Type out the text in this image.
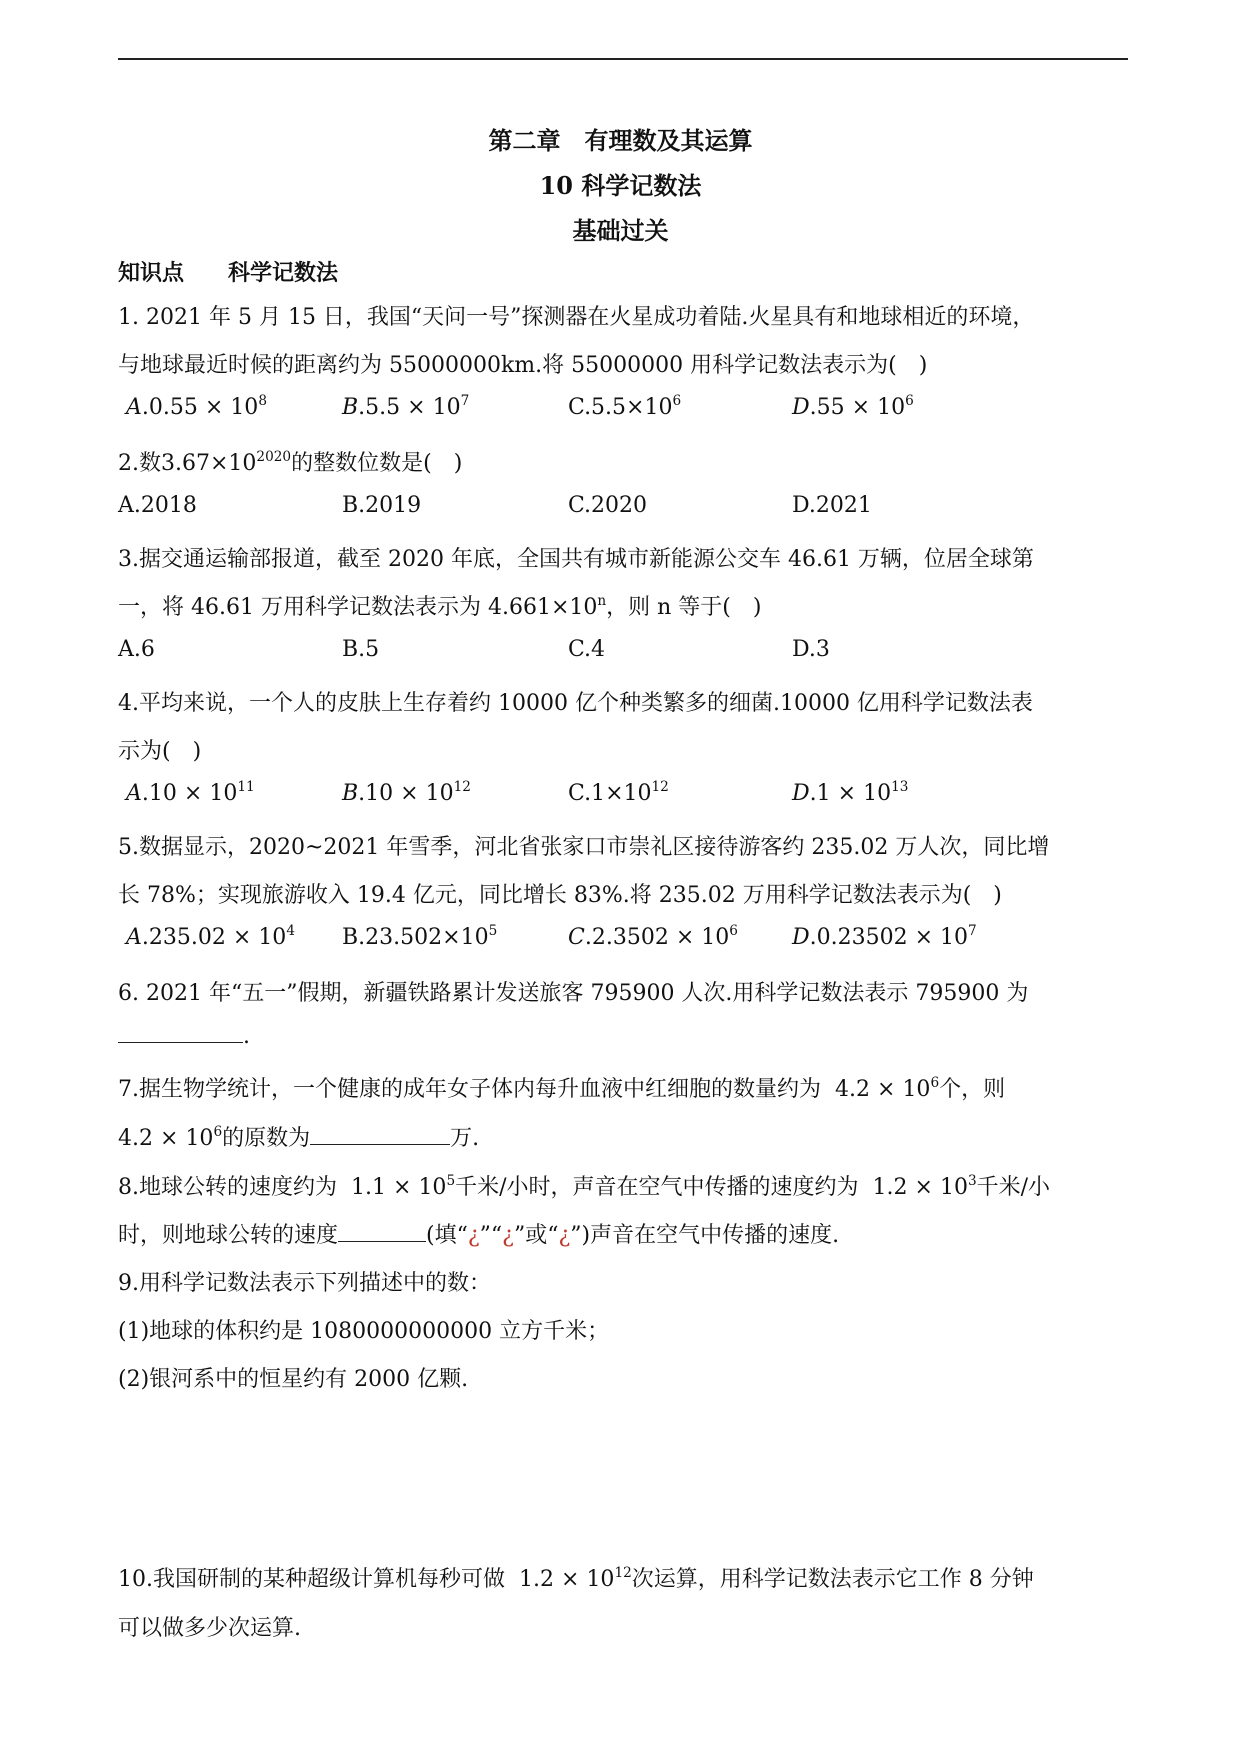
第二章　有理数及其运算
10 科学记数法
基础过关
知识点　　科学记数法
1. 2021 年 5 月 15 日，我国“天问一号”探测器在火星成功着陆.火星具有和地球相近的环境，
与地球最近时候的距离约为 55000000km.将 55000000 用科学记数法表示为(　)
$A.0.55 \times 10^8$	$B.5.5 \times 10^7$	$C.5.5\times 10^6$	$D.55 \times 10^6$
2.数$3.67\times 10^{2020}$的整数位数是(　)
A.2018	B.2019	C.2020	D.2021
3.据交通运输部报道，截至 2020 年底，全国共有城市新能源公交车 46.61 万辆，位居全球第
一，将 46.61 万用科学记数法表示为 $4.661\times 10^n$，则 n 等于(　)
A.6	B.5	C.4	D.3
4.平均来说，一个人的皮肤上生存着约 10000 亿个种类繁多的细菌.10000 亿用科学记数法表
示为(　)
$A.10 \times 10^{11}$	$B.10 \times 10^{12}$	$C.1\times 10^{12}$	$D.1 \times 10^{13}$
5.数据显示，2020~2021 年雪季，河北省张家口市崇礼区接待游客约 235.02 万人次，同比增
长 78%；实现旅游收入 19.4 亿元，同比增长 83%.将 235.02 万用科学记数法表示为(　)
$A.235.02 \times 10^4$ $B.23.502\times 10^5$	$C.2.3502 \times 10^6$ $D.0.23502 \times 10^7$
6. 2021 年“五一”假期，新疆铁路累计发送旅客 795900 人次.用科学记数法表示 795900 为
.
7.据生物学统计，一个健康的成年女子体内每升血液中红细胞的数量约为 $4.2 \times 10^6$个，则
$4.2 \times 10^6$的原数为	万.
8.地球公转的速度约为 $1.1 \times 10^5$千米/小时，声音在空气中传播的速度约为 $1.2 \times 10^3$千米/小
时，则地球公转的速度	(填“¿”“¿”或“¿”)声音在空气中传播的速度.
9.用科学记数法表示下列描述中的数：
(1)地球的体积约是 1080000000000 立方千米；
(2)银河系中的恒星约有 2000 亿颗.
10.我国研制的某种超级计算机每秒可做 $1.2 \times 10^{12}$次运算，用科学记数法表示它工作 8 分钟
可以做多少次运算.
